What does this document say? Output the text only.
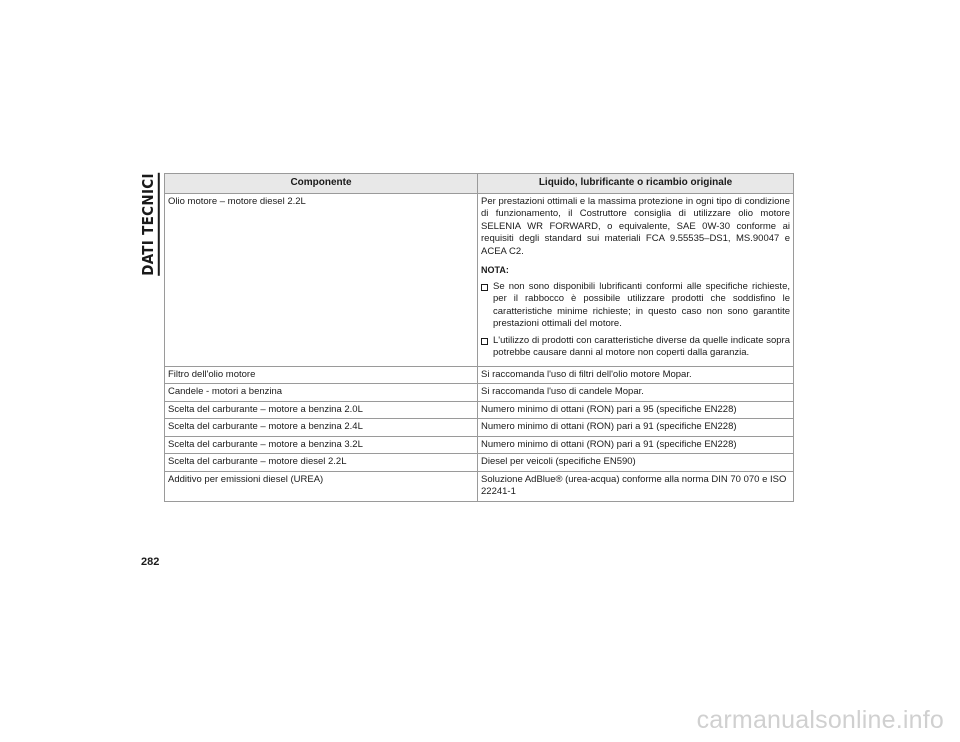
DATI TECNICI	Componente	Liquido, lubrificante o ricambio originale
Olio motore – motore diesel 2.2L	Per prestazioni ottimali e la massima protezione in ogni tipo di condizione di funzionamento, il Costruttore consiglia di utilizzare olio motore SELENIA WR FORWARD, o equivalente, SAE 0W-30 conforme ai requisiti degli standard sui materiali FCA 9.55535–DS1, MS.90047 e ACEA C2.

NOTA:

Se non sono disponibili lubrificanti conformi alle specifiche richieste, per il rabbocco è possibile utilizzare prodotti che soddisfino le caratteristiche minime richieste; in questo caso non sono garantite prestazioni ottimali del motore.

L'utilizzo di prodotti con caratteristiche diverse da quelle indicate sopra potrebbe causare danni al motore non coperti dalla garanzia.

Filtro dell'olio motore	Si raccomanda l'uso di filtri dell'olio motore Mopar.
Candele - motori a benzina	Si raccomanda l'uso di candele Mopar.
Scelta del carburante – motore a benzina 2.0L	Numero minimo di ottani (RON) pari a 95 (specifiche EN228)
Scelta del carburante – motore a benzina 2.4L	Numero minimo di ottani (RON) pari a 91 (specifiche EN228)
Scelta del carburante – motore a benzina 3.2L	Numero minimo di ottani (RON) pari a 91 (specifiche EN228)
Scelta del carburante – motore diesel 2.2L	Diesel per veicoli (specifiche EN590)
Additivo per emissioni diesel (UREA)	Soluzione AdBlue® (urea-acqua) conforme alla norma DIN 70 070 e ISO 22241-1
282
carmanualsonline.info
